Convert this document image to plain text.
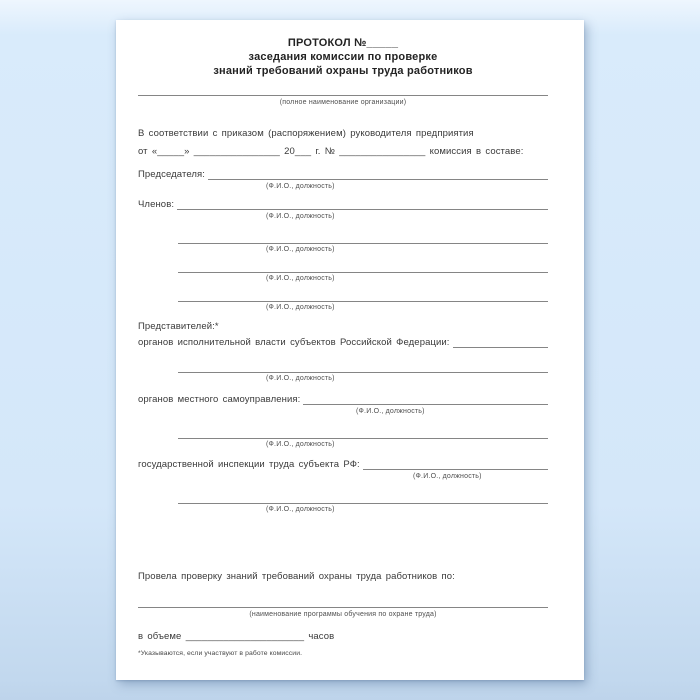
ПРОТОКОЛ №_____
заседания комиссии по проверке
знаний требований охраны труда работников
(полное наименование организации)
В соответствии с приказом (распоряжением) руководителя предприятия
от «_____» ________________ 20___ г. № ________________ комиссия в составе:
Председателя:
(Ф.И.О., должность)
Членов:
(Ф.И.О., должность)
(Ф.И.О., должность)
(Ф.И.О., должность)
(Ф.И.О., должность)
Представителей:*
органов исполнительной власти субъектов Российской Федерации:
(Ф.И.О., должность)
органов местного самоуправления:
(Ф.И.О., должность)
(Ф.И.О., должность)
государственной инспекции труда субъекта РФ:
(Ф.И.О., должность)
(Ф.И.О., должность)
Провела проверку знаний требований охраны труда работников по:
(наименование программы обучения по охране труда)
в объеме ______________________ часов
*Указываются, если участвуют в работе комиссии.
